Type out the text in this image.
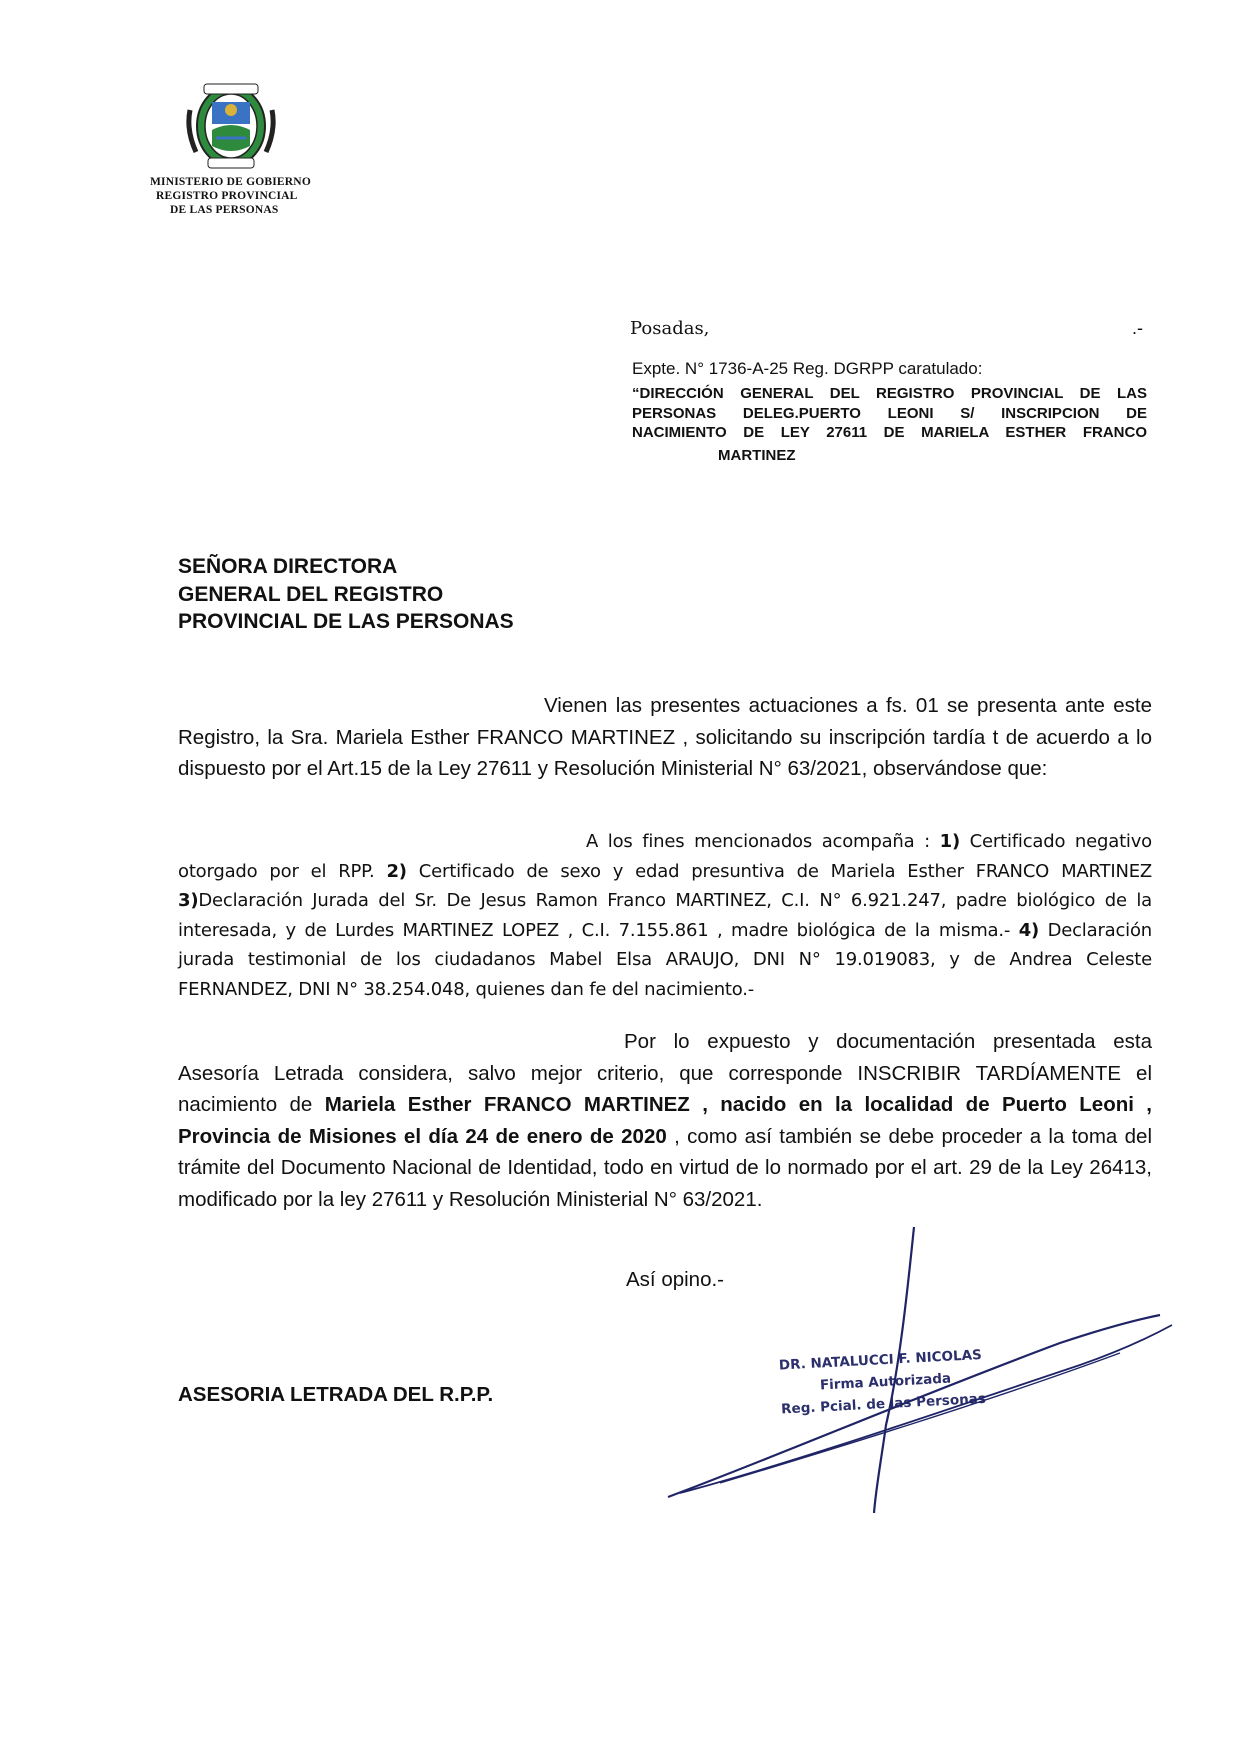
MINISTERIO DE GOBIERNO
REGISTRO PROVINCIAL
DE LAS PERSONAS
Posadas,	.-
Expte. N° 1736-A-25 Reg. DGRPP caratulado:
“DIRECCIÓN GENERAL DEL REGISTRO PROVINCIAL DE LAS
PERSONAS DELEG.PUERTO LEONI S/ INSCRIPCION DE
NACIMIENTO DE LEY 27611 DE MARIELA ESTHER FRANCO
MARTINEZ
SEÑORA DIRECTORA
GENERAL DEL REGISTRO
PROVINCIAL DE LAS PERSONAS
Vienen las presentes actuaciones a fs. 01 se presenta ante este Registro, la Sra. Mariela Esther FRANCO MARTINEZ , solicitando su inscripción tardía t de acuerdo a lo dispuesto por el Art.15 de la Ley 27611 y Resolución Ministerial N° 63/2021, observándose que:
A los fines mencionados acompaña : 1) Certificado negativo otorgado por el RPP. 2) Certificado de sexo y edad presuntiva de Mariela Esther FRANCO MARTINEZ 3)Declaración Jurada del Sr. De Jesus Ramon Franco MARTINEZ, C.I. N° 6.921.247, padre biológico de la interesada, y de Lurdes MARTINEZ LOPEZ , C.I. 7.155.861 , madre biológica de la misma.- 4) Declaración jurada testimonial de los ciudadanos Mabel Elsa ARAUJO, DNI N° 19.019083, y de Andrea Celeste FERNANDEZ, DNI N° 38.254.048, quienes dan fe del nacimiento.-
Por lo expuesto y documentación presentada esta Asesoría Letrada considera, salvo mejor criterio, que corresponde INSCRIBIR TARDÍAMENTE el nacimiento de Mariela Esther FRANCO MARTINEZ , nacido en la localidad de Puerto Leoni , Provincia de Misiones el día 24 de enero de 2020 , como así también se debe proceder a la toma del trámite del Documento Nacional de Identidad, todo en virtud de lo normado por el art. 29 de la Ley 26413, modificado por la ley 27611 y Resolución Ministerial N° 63/2021.
Así opino.-
ASESORIA LETRADA DEL R.P.P.
DR. NATALUCCI F. NICOLAS
Firma Autorizada
Reg. Pcial. de las Personas
